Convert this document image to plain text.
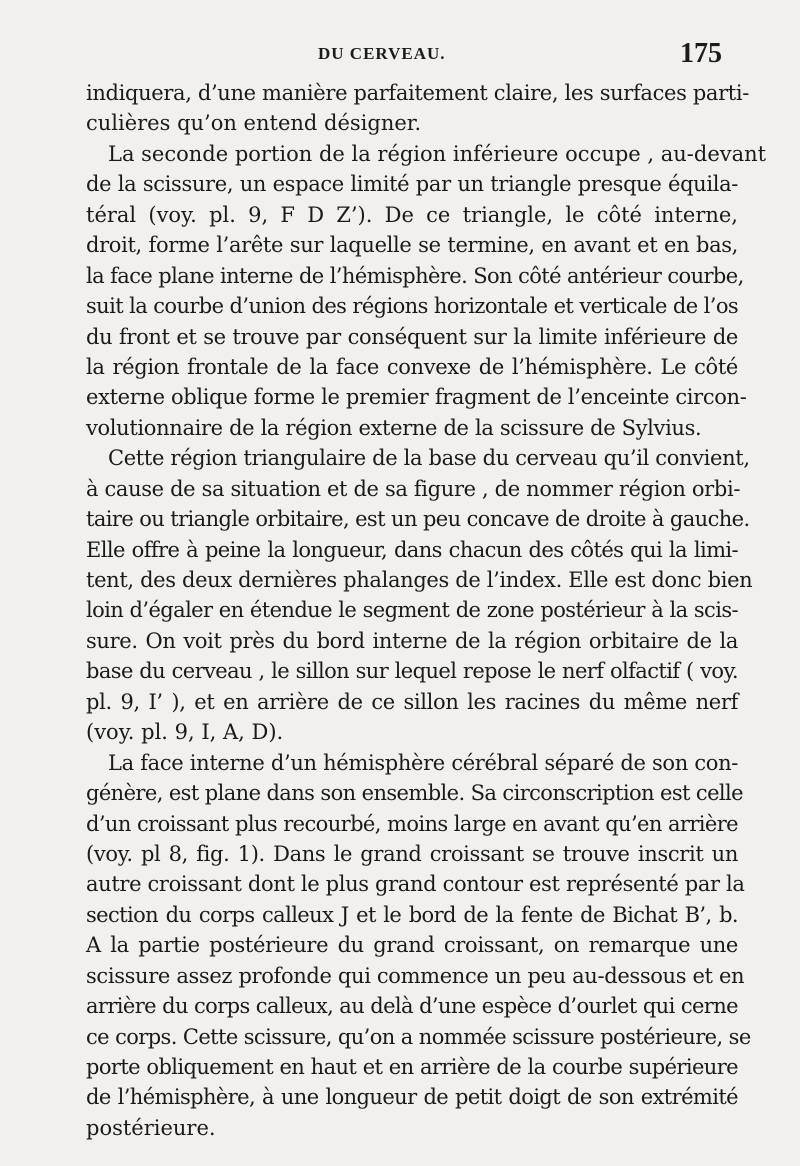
DU CERVEAU.	175
indiquera, d’une manière parfaitement claire, les surfaces parti-
culières qu’on entend désigner.
La seconde portion de la région inférieure occupe , au-devant
de la scissure, un espace limité par un triangle presque équila-
téral (voy. pl. 9, F D Z’). De ce triangle, le côté interne,
droit, forme l’arête sur laquelle se termine, en avant et en bas,
la face plane interne de l’hémisphère. Son côté antérieur courbe,
suit la courbe d’union des régions horizontale et verticale de l’os
du front et se trouve par conséquent sur la limite inférieure de
la région frontale de la face convexe de l’hémisphère. Le côté
externe oblique forme le premier fragment de l’enceinte circon-
volutionnaire de la région externe de la scissure de Sylvius.
Cette région triangulaire de la base du cerveau qu’il convient,
à cause de sa situation et de sa figure , de nommer région orbi-
taire ou triangle orbitaire, est un peu concave de droite à gauche.
Elle offre à peine la longueur, dans chacun des côtés qui la limi-
tent, des deux dernières phalanges de l’index. Elle est donc bien
loin d’égaler en étendue le segment de zone postérieur à la scis-
sure. On voit près du bord interne de la région orbitaire de la
base du cerveau , le sillon sur lequel repose le nerf olfactif ( voy.
pl. 9, I’ ), et en arrière de ce sillon les racines du même nerf
(voy. pl. 9, I, A, D).
La face interne d’un hémisphère cérébral séparé de son con-
génère, est plane dans son ensemble. Sa circonscription est celle
d’un croissant plus recourbé, moins large en avant qu’en arrière
(voy. pl 8, fig. 1). Dans le grand croissant se trouve inscrit un
autre croissant dont le plus grand contour est représenté par la
section du corps calleux J et le bord de la fente de Bichat B’, b.
A la partie postérieure du grand croissant, on remarque une
scissure assez profonde qui commence un peu au-dessous et en
arrière du corps calleux, au delà d’une espèce d’ourlet qui cerne
ce corps. Cette scissure, qu’on a nommée scissure postérieure, se
porte obliquement en haut et en arrière de la courbe supérieure
de l’hémisphère, à une longueur de petit doigt de son extrémité
postérieure.
